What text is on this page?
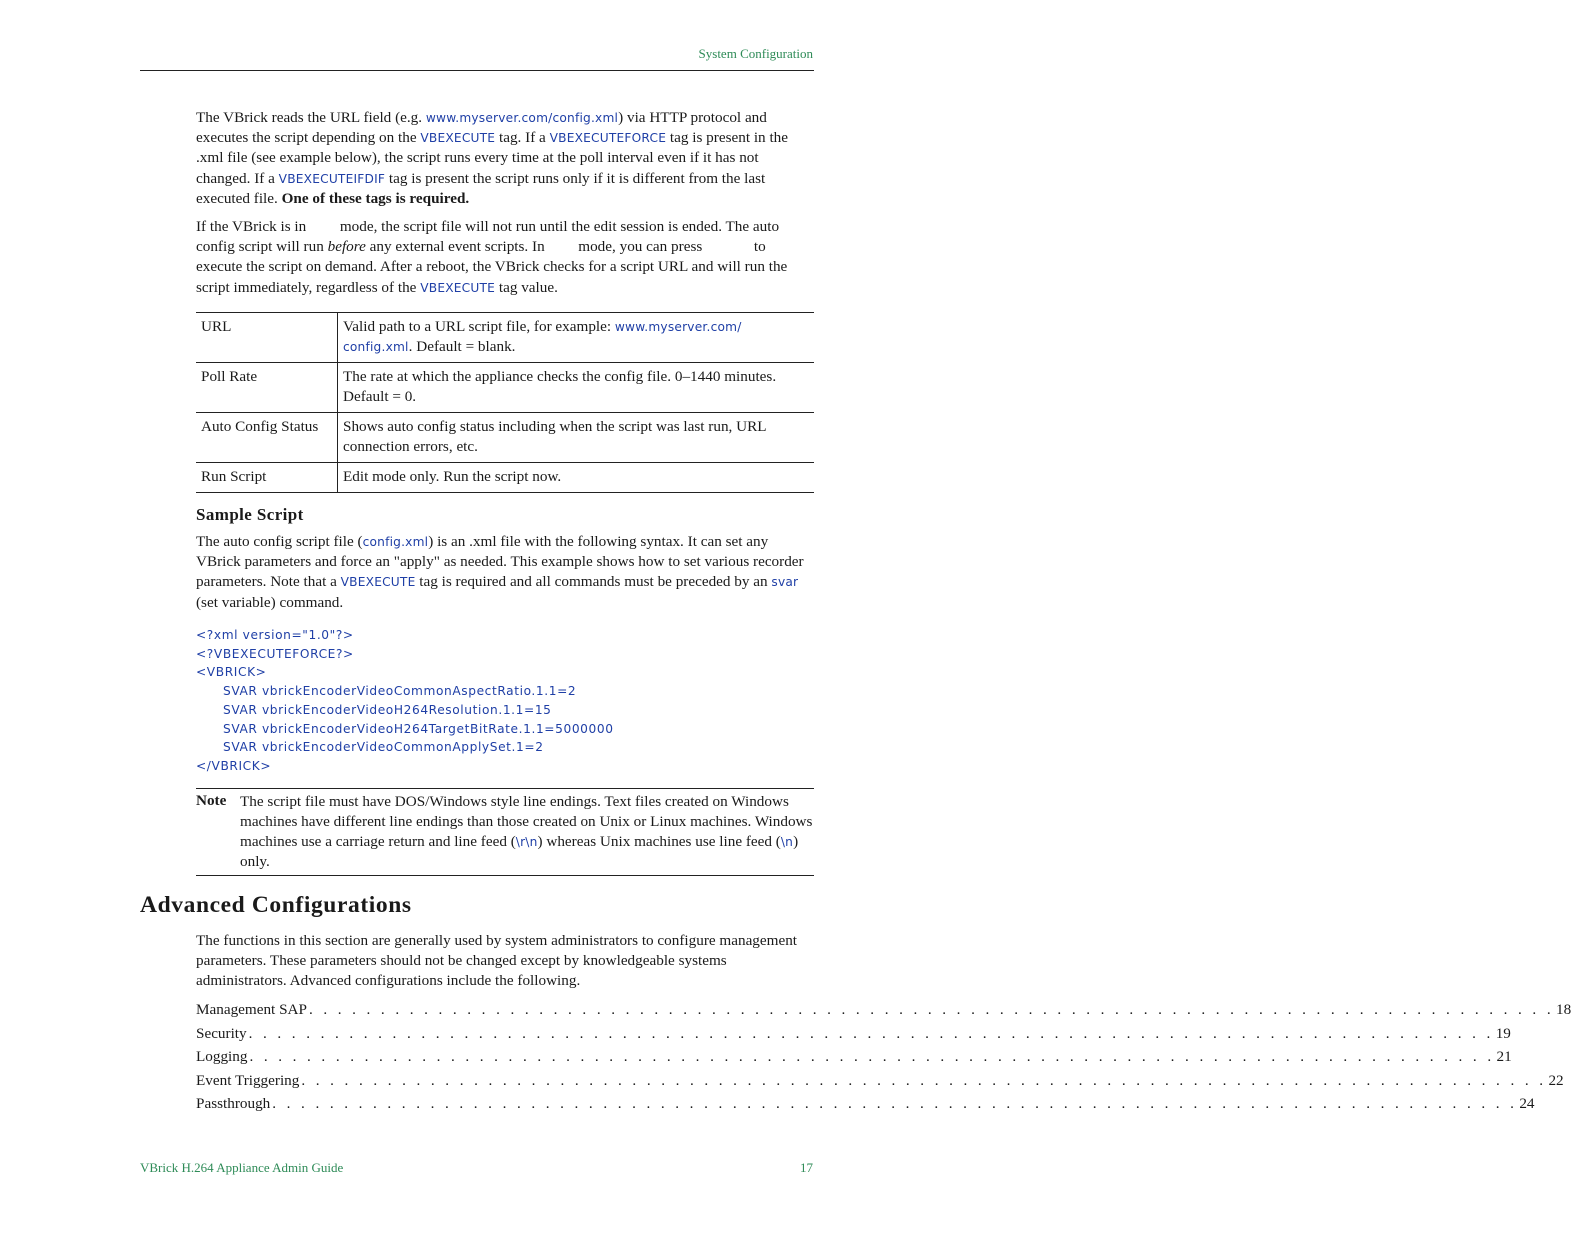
System Configuration

The VBrick reads the URL field (e.g. www.myserver.com/config.xml) via HTTP protocol and executes the script depending on the VBEXECUTE tag. If a VBEXECUTEFORCE tag is present in the .xml file (see example below), the script runs every time at the poll interval even if it has not changed. If a VBEXECUTEIFDIF tag is present the script runs only if it is different from the last executed file. One of these tags is required.

If the VBrick is in  mode, the script file will not run until the edit session is ended. The auto config script will run before any external event scripts. In  mode, you can press	to execute the script on demand. After a reboot, the VBrick checks for a script URL and will run the script immediately, regardless of the VBEXECUTE tag value.

URL	Valid path to a URL script file, for example: www.myserver.com/ config.xml. Default = blank.
Poll Rate	The rate at which the appliance checks the config file. 0–1440 minutes. Default = 0.
Auto Config Status	Shows auto config status including when the script was last run, URL connection errors, etc.
Run Script	Edit mode only. Run the script now.
Sample Script

The auto config script file (config.xml) is an .xml file with the following syntax. It can set any VBrick parameters and force an "apply" as needed. This example shows how to set various recorder parameters. Note that a VBEXECUTE tag is required and all commands must be preceded by an svar (set variable) command.

<?xml version="1.0"?>
<?VBEXECUTEFORCE?>
<VBRICK>
SVAR vbrickEncoderVideoCommonAspectRatio.1.1=2
SVAR vbrickEncoderVideoH264Resolution.1.1=15
SVAR vbrickEncoderVideoH264TargetBitRate.1.1=5000000
SVAR vbrickEncoderVideoCommonApplySet.1=2
</VBRICK>
Note The script file must have DOS/Windows style line endings. Text files created on Windows machines have different line endings than those created on Unix or Linux machines. Windows machines use a carriage return and line feed (\r\n) whereas Unix machines use line feed (\n) only.
Advanced Configurations

The functions in this section are generally used by system administrators to configure management parameters. These parameters should not be changed except by knowledgeable systems administrators. Advanced configurations include the following.

Management SAP . . . . . . . . . . . . . . . . . . . . . . . . . . . . . . . . . . . . . . . . . . . . . . . . . . . . . . . . . . . . . . . . . . . . . . . . . . . . . . . . . . . . . . . 18
Security . . . . . . . . . . . . . . . . . . . . . . . . . . . . . . . . . . . . . . . . . . . . . . . . . . . . . . . . . . . . . . . . . . . . . . . . . . . . . . . . . . . . . . . 19
Logging . . . . . . . . . . . . . . . . . . . . . . . . . . . . . . . . . . . . . . . . . . . . . . . . . . . . . . . . . . . . . . . . . . . . . . . . . . . . . . . . . . . . . . . 21
Event Triggering . . . . . . . . . . . . . . . . . . . . . . . . . . . . . . . . . . . . . . . . . . . . . . . . . . . . . . . . . . . . . . . . . . . . . . . . . . . . . . . . . . . . . . . 22
Passthrough . . . . . . . . . . . . . . . . . . . . . . . . . . . . . . . . . . . . . . . . . . . . . . . . . . . . . . . . . . . . . . . . . . . . . . . . . . . . . . . . . . . . . . . 24
VBrick H.264 Appliance Admin Guide	17
